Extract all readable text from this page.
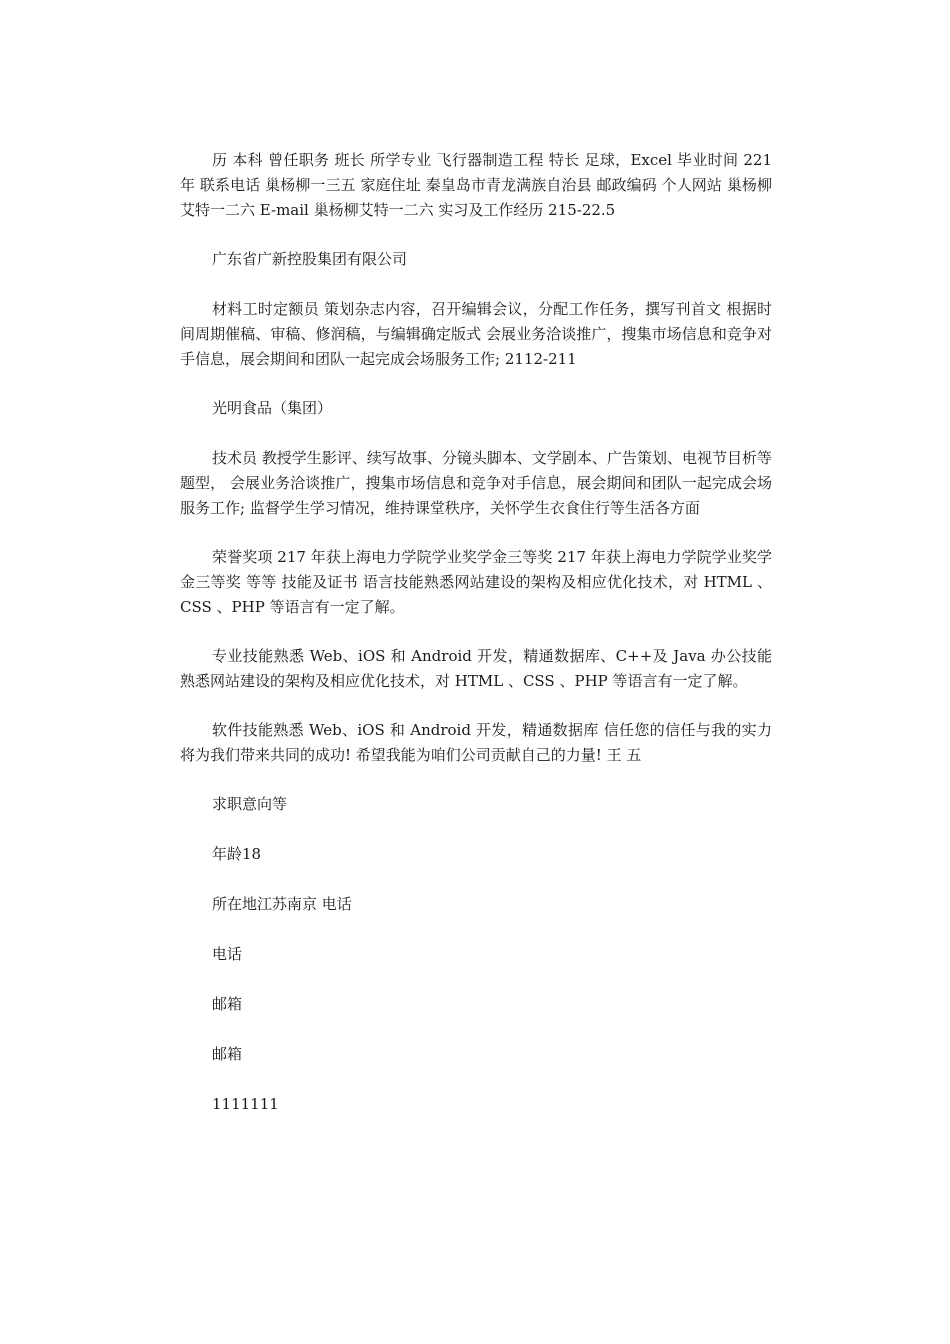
历 本科 曾任职务 班长 所学专业 飞行器制造工程 特长 足球，Excel 毕业时间 221 年 联系电话 巢杨柳一三五 家庭住址 秦皇岛市青龙满族自治县 邮政编码 个人网站 巢杨柳艾特一二六 E-mail 巢杨柳艾特一二六 实习及工作经历 215-22.5

广东省广新控股集团有限公司

材料工时定额员 策划杂志内容，召开编辑会议，分配工作任务，撰写刊首文 根据时间周期催稿、审稿、修润稿，与编辑确定版式 会展业务洽谈推广，搜集市场信息和竞争对手信息，展会期间和团队一起完成会场服务工作; 2112-211

光明食品（集团）

技术员 教授学生影评、续写故事、分镜头脚本、文学剧本、广告策划、电视节目析等题型， 会展业务洽谈推广，搜集市场信息和竞争对手信息，展会期间和团队一起完成会场服务工作; 监督学生学习情况，维持课堂秩序，关怀学生衣食住行等生活各方面

荣誉奖项 217 年获上海电力学院学业奖学金三等奖 217 年获上海电力学院学业奖学金三等奖 等等 技能及证书 语言技能熟悉网站建设的架构及相应优化技术，对 HTML 、CSS 、PHP 等语言有一定了解。

专业技能熟悉 Web、iOS 和 Android 开发，精通数据库、C++及 Java 办公技能熟悉网站建设的架构及相应优化技术，对 HTML 、CSS 、PHP 等语言有一定了解。

软件技能熟悉 Web、iOS 和 Android 开发，精通数据库 信任您的信任与我的实力将为我们带来共同的成功! 希望我能为咱们公司贡献自己的力量! 王 五

求职意向等

年龄18

所在地江苏南京 电话

电话

邮箱

邮箱

1111111
